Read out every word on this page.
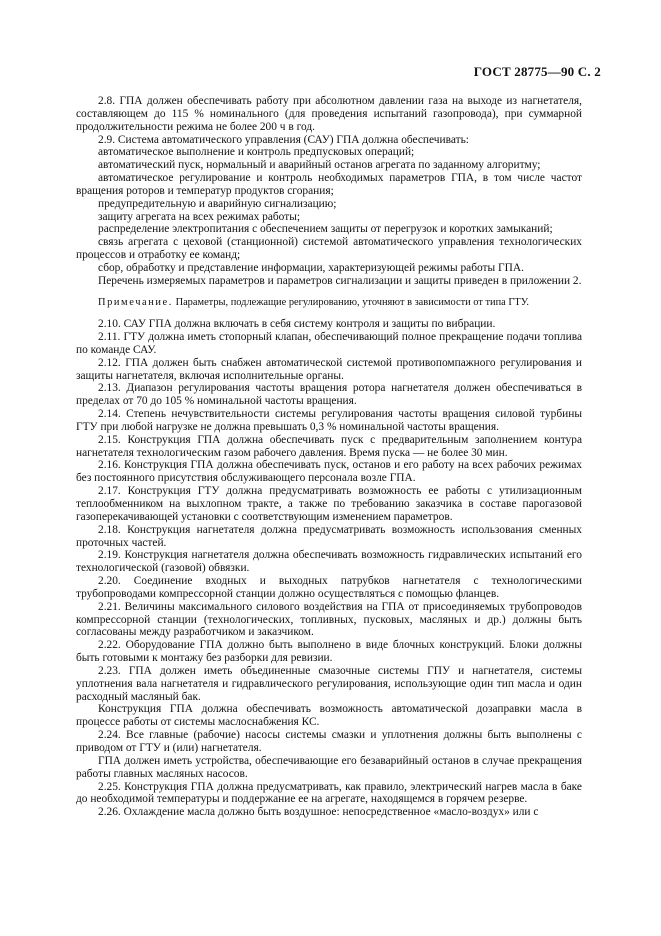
ГОСТ 28775—90 С. 2

2.8. ГПА должен обеспечивать работу при абсолютном давлении газа на выходе из нагнетателя, составляющем до 115 % номинального (для проведения испытаний газопровода), при суммарной продолжительности режима не более 200 ч в год.

2.9. Система автоматического управления (САУ) ГПА должна обеспечивать:

автоматическое выполнение и контроль предпусковых операций;

автоматический пуск, нормальный и аварийный останов агрегата по заданному алгоритму;

автоматическое регулирование и контроль необходимых параметров ГПА, в том числе частот вращения роторов и температур продуктов сгорания;

предупредительную и аварийную сигнализацию;

защиту агрегата на всех режимах работы;

распределение электропитания с обеспечением защиты от перегрузок и коротких замыканий;

связь агрегата с цеховой (станционной) системой автоматического управления технологических процессов и отработку ее команд;

сбор, обработку и представление информации, характеризующей режимы работы ГПА.

Перечень измеряемых параметров и параметров сигнализации и защиты приведен в приложении 2.

Примечание. Параметры, подлежащие регулированию, уточняют в зависимости от типа ГТУ.

2.10. САУ ГПА должна включать в себя систему контроля и защиты по вибрации.

2.11. ГТУ должна иметь стопорный клапан, обеспечивающий полное прекращение подачи топлива по команде САУ.

2.12. ГПА должен быть снабжен автоматической системой противопомпажного регулирования и защиты нагнетателя, включая исполнительные органы.

2.13. Диапазон регулирования частоты вращения ротора нагнетателя должен обеспечиваться в пределах от 70 до 105 % номинальной частоты вращения.

2.14. Степень нечувствительности системы регулирования частоты вращения силовой турбины ГТУ при любой нагрузке не должна превышать 0,3 % номинальной частоты вращения.

2.15. Конструкция ГПА должна обеспечивать пуск с предварительным заполнением контура нагнетателя технологическим газом рабочего давления. Время пуска — не более 30 мин.

2.16. Конструкция ГПА должна обеспечивать пуск, останов и его работу на всех рабочих режимах без постоянного присутствия обслуживающего персонала возле ГПА.

2.17. Конструкция ГТУ должна предусматривать возможность ее работы с утилизационным теплообменником на выхлопном тракте, а также по требованию заказчика в составе парогазовой газоперекачивающей установки с соответствующим изменением параметров.

2.18. Конструкция нагнетателя должна предусматривать возможность использования сменных проточных частей.

2.19. Конструкция нагнетателя должна обеспечивать возможность гидравлических испытаний его технологической (газовой) обвязки.

2.20. Соединение входных и выходных патрубков нагнетателя с технологическими трубопроводами компрессорной станции должно осуществляться с помощью фланцев.

2.21. Величины максимального силового воздействия на ГПА от присоединяемых трубопроводов компрессорной станции (технологических, топливных, пусковых, масляных и др.) должны быть согласованы между разработчиком и заказчиком.

2.22. Оборудование ГПА должно быть выполнено в виде блочных конструкций. Блоки должны быть готовыми к монтажу без разборки для ревизии.

2.23. ГПА должен иметь объединенные смазочные системы ГПУ и нагнетателя, системы уплотнения вала нагнетателя и гидравлического регулирования, использующие один тип масла и один расходный масляный бак.

Конструкция ГПА должна обеспечивать возможность автоматической дозаправки масла в процессе работы от системы маслоснабжения КС.

2.24. Все главные (рабочие) насосы системы смазки и уплотнения должны быть выполнены с приводом от ГТУ и (или) нагнетателя.

ГПА должен иметь устройства, обеспечивающие его безаварийный останов в случае прекращения работы главных масляных насосов.

2.25. Конструкция ГПА должна предусматривать, как правило, электрический нагрев масла в баке до необходимой температуры и поддержание ее на агрегате, находящемся в горячем резерве.

2.26. Охлаждение масла должно быть воздушное: непосредственное «масло-воздух» или с
